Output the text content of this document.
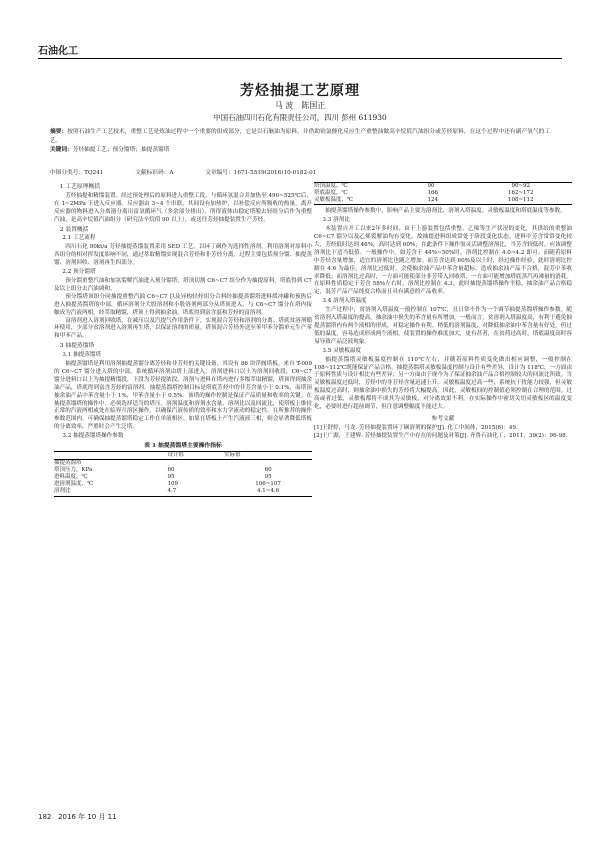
石油化工
芳烃抽提工艺原理
马 波　陈国正
中国石油四川石化有限责任公司，四川 彭州 611930
摘要：按照石油生产工艺技术，重整工艺是炼油过程中一个重要的组成部分，它是以石脑油为原料，并借助铂氯催化反应生产重整油做高辛烷值汽油组分或芳烃原料，在这个过程中还有副产氢气的工艺。
关键词：芳烃抽提工艺；预分馏塔；抽提蒸馏塔
中图分类号：TQ241	文献标识码：A	文章编号：1671-5519(2016)10-0182-01
1 工艺原理概括

芳烃抽提和精馏装置。经过预处理后的原料进入重整工段，与循环氢混合并加热至 490~525℃后，在 1~2MPa 下进入反应器。反应器由 3~4 个串联，其间设有加热炉，以补偿反应所吸收的热量。离开反应器的物料进入分离器分离出富氢循环气（多余部分排出），所得液体由稳定塔脱去轻组分后作为重整汽油，是高辛烷值汽油组分（研究法辛烷值 90 以上），或送往芳烃抽提装置生产芳烃。

2 装置概括
2.1 工艺流程

四川石化 90kt/a 芳烃抽提蒸馏装置采用 SED 工艺，以环丁砜作为选择性溶剂，利用溶剂对原料中各组分的相对挥发度影响不同，通过萃取精馏实现混合芳烃和非芳烃分离，过程主要包括预分馏、抽提蒸馏、溶剂回收、溶剂再生四部分。

2.2 预分馏塔

预分馏重整汽油和加氢裂解汽油进入预分馏塔，塔顶切割 C6~C7 组分作为抽提原料，塔底得到 C7 及以上组分去汽油调和。

预分馏塔顶组分同抽提重整汽油 C6~C7 以及异构轻烃组分合料经抽提蒸馏塔进料缓冲罐和预热后进入抽提蒸馏塔的中部，循环溶剂分大股溶剂和小股溶剂两部分从塔顶进入，与 C6~C7 馏分在塔内接触成为汽液两相，经萃取精馏，塔顶上得到抽余油，塔底得到富含混和芳烃的富溶剂。

富溶剂进入溶剂回收塔，在减压以及汽提气作用条件下，实现混合芳烃和溶剂的分离。塔底贫溶剂循环使用，少部分贫溶剂进入溶剂再生塔，以保证溶剂的质量。塔顶混合芳烃外送至苯甲苯分馏单元生产苯和甲苯产品。

3 抽提蒸馏塔
3.1 抽提蒸馏塔

抽提蒸馏塔是利用溶剂抽提蒸馏分离芳烃和非芳烃的关键设备，其设有 86 块浮阀塔板。来自 T-009 的 C6~C7 馏分进入塔的中部，系统循环溶剂由塔上部进入，溶剂进料口以上为溶剂回收段，C6~C7 馏分进料口以上为抽提精馏段，下段为芳烃提浓段。溶剂与进料在塔内进行多级萃取精馏，塔顶得到抽余油产品，塔底得到富含芳烃的富溶剂。抽提蒸馏塔控制目标是塔底芳烃中的非芳含量小于 0.1%，而塔顶抽余油产品中苯含量小于 1%，甲苯含量小于 0.5%。该塔的操作控制是保证产品质量和收率的关键。在抽提蒸馏塔的操作中，必须选择适当的塔压、溶剂温度和溶剂水含量、溶剂比以及回流比，使塔板上维持正常的汽液两相或处在临界互溶区操作，以确保汽液传质的效率和水力学流动的稳定性。在所推荐的操作参数范围内，可确保抽提蒸馏塔稳定工作在单液相区。如果在塔板上产生汽液液三相，则会显著降低塔板的分离效率，严重时会产生泛塔。

3.2 抽提蒸馏塔操作参数
表 1 抽提蒸馏塔主要操作指标
	设计值	实际值
抽提蒸馏塔		
塔顶压力，KPa	60	60
进料温度，℃	95	95
进溶剂温度，℃	109	106~107
溶剂比	4.7	4.1~4.6
塔顶温度，℃	90	90~92
塔底温度，℃	166	162~172
灵敏板温度，℃	124	108~112

抽提蒸馏塔操作参数中，影响产品主要为溶剂比、溶剂入塔温度、灵敏板温度和塔底温度等参数。

3.3 溶剂比

本装置自开工以来2年多时间，由于上游装置包括重整、乙烯等生产状况的变化，其供给的重整油 C6~C7 馏分以及乙烯裂解油均有变化，故抽提进料组成常处于阶段变化状态。进料中芳含常常变化较大，芳烃低时达到 46%，高时达到 60%；在此条件下操作需灵活调整溶剂比，当芳含较低时，应该调整溶剂比下适当低值。一般操作中，如芳含于 44%~50%时，溶剂比控制在 4.0~4.2 即可；而随着原料中芳烃含量增加，适宜的溶剂比也随之增加。而芳含达到 60%及以上时，经过操作经验，此时溶剂比控制在 4.6 为最佳。溶剂比过低时，会使抽余油产品中苯含量超标，造成抽余油产品不合格，混芳中苯收率降低；而溶剂比过高时，一方面可能使部分非芳带入回收塔，一方面可能增加塔底蒸汽再沸量的消耗。在原料性质稳定于芳含 58%左右时，溶剂比控制在 4.3。此时抽提蒸馏塔操作平稳，抽余油产品合格稳定，混芳产品产品纯度合格而且具有满意的产品收率。

3.4 溶剂入塔温度

生产过程中，贫溶剂入塔温度一般控制在 107℃，且日常不作为一个调节抽提蒸馏塔操作参数。随贫溶剂入塔温度的提高，抽余油中损失的苯含量有所增加。一般而言，贫溶剂入塔温度高，有利于避免抽提蒸馏塔内有两个液相的形成，对稳定操作有利。稍低的溶剂温度，对降低抽余油中苯含量有好处，但过低的温度，容易造成形成两个液相，使装置的操作难度加大，更有甚者，在贫荷过高时，塔底温度高时容易导致产品泛液现象。

3.5 灵敏板温度

抽提蒸馏塔灵敏板温度控制在 110℃左右，并随着原料性质变化做出相应调整，一般控制在 108~112℃既能保证产品合格。抽提蒸馏塔灵敏板温度控制与设计有些差异，设计为 118℃，一方面由于原料性质与设计相比有些差异；另一方面由于现今为了保证抽余油产品合格控制较大的回流比所致。当灵敏板温度过低时，芳烃中的非芳烃含量迅速上升。灵敏板温度过高一些，系统抗干扰能力较强，但灵敏板温度过高时，则抽余油中损失的芳烃将大幅提高。因此，灵敏板间的控制值必须控制在合理的范围。过高或者过低，灵敏板都将不成其为灵敏板，对分离效果不利。在实际操作中密切关切灵敏板区的温度变化，必要时进行超前调节，但注意调整幅度不能过大。

参考文献

[1]王舒婷，马龙. 芳烃抽提装置环丁砜溶剂的保护[J]. 化工中间体，2015(6)：49.

[2]王广源，王建辉. 芳烃抽提装置生产中存在的问题及对策[J]. 齐鲁石油化工，2011，39(2)：96-98.

182 2016 年 10 月 11
